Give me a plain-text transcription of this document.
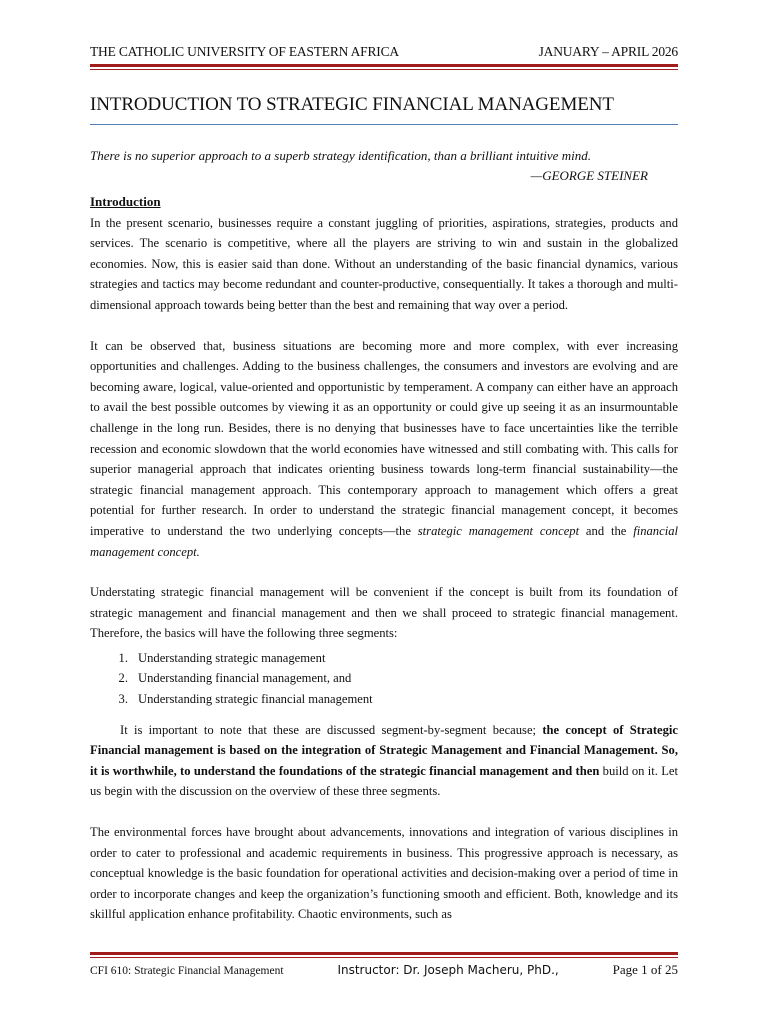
THE CATHOLIC UNIVERSITY OF EASTERN AFRICA	JANUARY – APRIL 2026
INTRODUCTION TO STRATEGIC FINANCIAL MANAGEMENT

There is no superior approach to a superb strategy identification, than a brilliant intuitive mind.

—GEORGE STEINER

Introduction

In the present scenario, businesses require a constant juggling of priorities, aspirations, strategies, products and services. The scenario is competitive, where all the players are striving to win and sustain in the globalized economies. Now, this is easier said than done. Without an understanding of the basic financial dynamics, various strategies and tactics may become redundant and counter-productive, consequentially. It takes a thorough and multi-dimensional approach towards being better than the best and remaining that way over a period.

It can be observed that, business situations are becoming more and more complex, with ever increasing opportunities and challenges. Adding to the business challenges, the consumers and investors are evolving and are becoming aware, logical, value-oriented and opportunistic by temperament. A company can either have an approach to avail the best possible outcomes by viewing it as an opportunity or could give up seeing it as an insurmountable challenge in the long run. Besides, there is no denying that businesses have to face uncertainties like the terrible recession and economic slowdown that the world economies have witnessed and still combating with. This calls for superior managerial approach that indicates orienting business towards long-term financial sustainability—the strategic financial management approach. This contemporary approach to management which offers a great potential for further research. In order to understand the strategic financial management concept, it becomes imperative to understand the two underlying concepts—the strategic management concept and the financial management concept.

Understating strategic financial management will be convenient if the concept is built from its foundation of strategic management and financial management and then we shall proceed to strategic financial management. Therefore, the basics will have the following three segments:

1. Understanding strategic management
2. Understanding financial management, and
3. Understanding strategic financial management

It is important to note that these are discussed segment-by-segment because; the concept of Strategic Financial management is based on the integration of Strategic Management and Financial Management. So, it is worthwhile, to understand the foundations of the strategic financial management and then build on it. Let us begin with the discussion on the overview of these three segments.

The environmental forces have brought about advancements, innovations and integration of various disciplines in order to cater to professional and academic requirements in business. This progressive approach is necessary, as conceptual knowledge is the basic foundation for operational activities and decision-making over a period of time in order to incorporate changes and keep the organization’s functioning smooth and efficient. Both, knowledge and its skillful application enhance profitability. Chaotic environments, such as

CFI 610: Strategic Financial Management	Instructor: Dr. Joseph Macheru, PhD.,	Page 1 of 25
